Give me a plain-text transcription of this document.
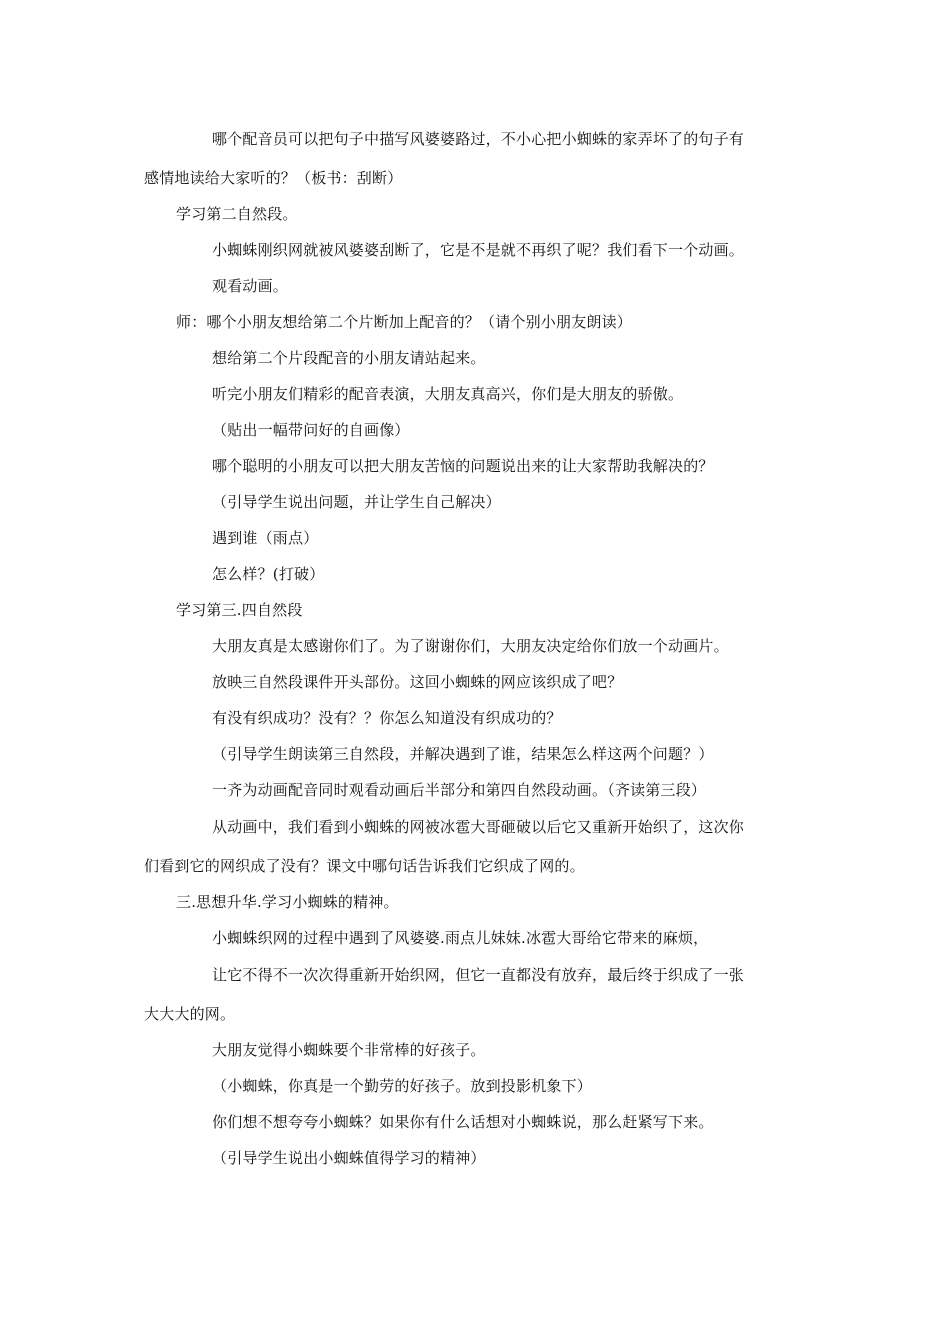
哪个配音员可以把句子中描写风婆婆路过，不小心把小蜘蛛的家弄坏了的句子有
感情地读给大家听的？（板书：刮断）
学习第二自然段。
小蜘蛛刚织网就被风婆婆刮断了，它是不是就不再织了呢？我们看下一个动画。
观看动画。
师：哪个小朋友想给第二个片断加上配音的？（请个别小朋友朗读）
想给第二个片段配音的小朋友请站起来。
听完小朋友们精彩的配音表演，大朋友真高兴，你们是大朋友的骄傲。
（贴出一幅带问好的自画像）
哪个聪明的小朋友可以把大朋友苦恼的问题说出来的让大家帮助我解决的？
（引导学生说出问题，并让学生自己解决）
遇到谁（雨点）
怎么样？(打破）
学习第三.四自然段
大朋友真是太感谢你们了。为了谢谢你们，大朋友决定给你们放一个动画片。
放映三自然段课件开头部份。这回小蜘蛛的网应该织成了吧？
有没有织成功？没有？？你怎么知道没有织成功的？
（引导学生朗读第三自然段，并解决遇到了谁，结果怎么样这两个问题？）
一齐为动画配音同时观看动画后半部分和第四自然段动画。（齐读第三段）
从动画中，我们看到小蜘蛛的网被冰雹大哥砸破以后它又重新开始织了，这次你
们看到它的网织成了没有？课文中哪句话告诉我们它织成了网的。
三.思想升华.学习小蜘蛛的精神。
小蜘蛛织网的过程中遇到了风婆婆.雨点儿妹妹.冰雹大哥给它带来的麻烦，
让它不得不一次次得重新开始织网，但它一直都没有放弃，最后终于织成了一张
大大大的网。
大朋友觉得小蜘蛛要个非常棒的好孩子。
（小蜘蛛，你真是一个勤劳的好孩子。放到投影机象下）
你们想不想夸夸小蜘蛛？如果你有什么话想对小蜘蛛说，那么赶紧写下来。
（引导学生说出小蜘蛛值得学习的精神）
